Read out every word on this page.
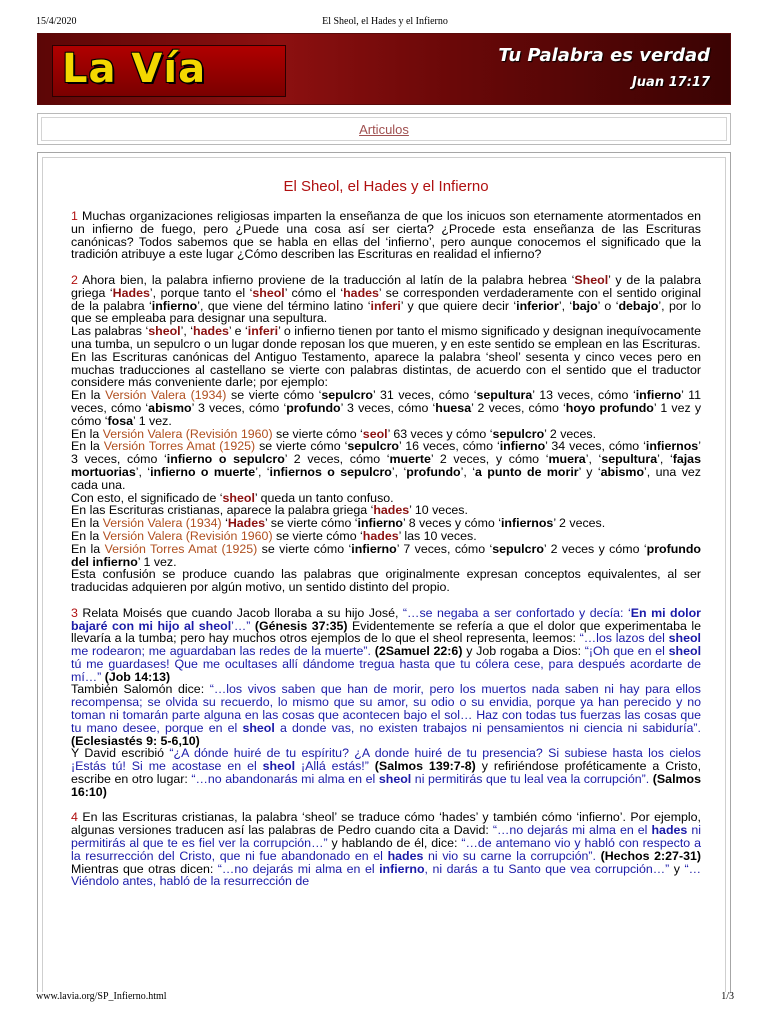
15/4/2020	El Sheol, el Hades y el Infierno
La Vía	Tu Palabra es verdad
Juan 17:17
Articulos
El Sheol, el Hades y el Infierno

1 Muchas organizaciones religiosas imparten la enseñanza de que los inicuos son eternamente atormentados en un infierno de fuego, pero ¿Puede una cosa así ser cierta? ¿Procede esta enseñanza de las Escrituras canónicas? Todos sabemos que se habla en ellas del ‘infierno’, pero aunque conocemos el significado que la tradición atribuye a este lugar ¿Cómo describen las Escrituras en realidad el infierno?

2 Ahora bien, la palabra infierno proviene de la traducción al latín de la palabra hebrea ‘Sheol’ y de la palabra griega ‘Hades’, porque tanto el ‘sheol’ cómo el ‘hades’ se corresponden verdaderamente con el sentido original de la palabra ‘infierno’, que viene del término latino ‘inferi’ y que quiere decir ‘inferior’, ‘bajo’ o ‘debajo’, por lo que se empleaba para designar una sepultura.
Las palabras ‘sheol’, ‘hades’ e ‘inferi’ o infierno tienen por tanto el mismo significado y designan inequívocamente una tumba, un sepulcro o un lugar donde reposan los que mueren, y en este sentido se emplean en las Escrituras.
En las Escrituras canónicas del Antiguo Testamento, aparece la palabra ‘sheol’ sesenta y cinco veces pero en muchas traducciones al castellano se vierte con palabras distintas, de acuerdo con el sentido que el traductor considere más conveniente darle; por ejemplo:
En la Versión Valera (1934) se vierte cómo ‘sepulcro’ 31 veces, cómo ‘sepultura’ 13 veces, cómo ‘infierno’ 11 veces, cómo ‘abismo’ 3 veces, cómo ‘profundo’ 3 veces, cómo ‘huesa’ 2 veces, cómo ‘hoyo profundo’ 1 vez y cómo ‘fosa’ 1 vez.
En la Versión Valera (Revisión 1960) se vierte cómo ‘seol’ 63 veces y cómo ‘sepulcro’ 2 veces.
En la Versión Torres Amat (1925) se vierte cómo ‘sepulcro’ 16 veces, cómo ‘infierno’ 34 veces, cómo ‘infiernos’ 3 veces, cómo ‘infierno o sepulcro’ 2 veces, cómo ‘muerte’ 2 veces, y cómo ‘muera’, ‘sepultura’, ‘fajas mortuorias’, ‘infierno o muerte’, ‘infiernos o sepulcro’, ‘profundo’, ‘a punto de morir’ y ‘abismo’, una vez cada una.
Con esto, el significado de ‘sheol’ queda un tanto confuso.
En las Escrituras cristianas, aparece la palabra griega ‘hades’ 10 veces.
En la Versión Valera (1934) ‘Hades’ se vierte cómo ‘infierno’ 8 veces y cómo ‘infiernos’ 2 veces.
En la Versión Valera (Revisión 1960) se vierte cómo ‘hades’ las 10 veces.
En la Versión Torres Amat (1925) se vierte cómo ‘infierno’ 7 veces, cómo ‘sepulcro’ 2 veces y cómo ‘profundo del infierno’ 1 vez.
Esta confusión se produce cuando las palabras que originalmente expresan conceptos equivalentes, al ser traducidas adquieren por algún motivo, un sentido distinto del propio.

3 Relata Moisés que cuando Jacob lloraba a su hijo José, “…se negaba a ser confortado y decía: ‘En mi dolor bajaré con mi hijo al sheol’…” (Génesis 37:35) Evidentemente se refería a que el dolor que experimentaba le llevaría a la tumba; pero hay muchos otros ejemplos de lo que el sheol representa, leemos: “…los lazos del sheol me rodearon; me aguardaban las redes de la muerte”. (2Samuel 22:6) y Job rogaba a Dios: “¡Oh que en el sheol tú me guardases! Que me ocultases allí dándome tregua hasta que tu cólera cese, para después acordarte de mí…” (Job 14:13)
También Salomón dice: “…los vivos saben que han de morir, pero los muertos nada saben ni hay para ellos recompensa; se olvida su recuerdo, lo mismo que su amor, su odio o su envidia, porque ya han perecido y no toman ni tomarán parte alguna en las cosas que acontecen bajo el sol… Haz con todas tus fuerzas las cosas que tu mano desee, porque en el sheol a donde vas, no existen trabajos ni pensamientos ni ciencia ni sabiduría”. (Eclesiastés 9: 5-6,10)
Y David escribió “¿A dónde huiré de tu espíritu? ¿A donde huiré de tu presencia? Si subiese hasta los cielos ¡Estás tú! Si me acostase en el sheol ¡Allá estás!” (Salmos 139:7-8) y refiriéndose proféticamente a Cristo, escribe en otro lugar: “…no abandonarás mi alma en el sheol ni permitirás que tu leal vea la corrupción”. (Salmos 16:10)

4 En las Escrituras cristianas, la palabra ‘sheol’ se traduce cómo ‘hades’ y también cómo ‘infierno’. Por ejemplo, algunas versiones traducen así las palabras de Pedro cuando cita a David: “…no dejarás mi alma en el hades ni permitirás al que te es fiel ver la corrupción…” y hablando de él, dice: “…de antemano vio y habló con respecto a la resurrección del Cristo, que ni fue abandonado en el hades ni vio su carne la corrupción”. (Hechos 2:27-31) Mientras que otras dicen: “…no dejarás mi alma en el infierno, ni darás a tu Santo que vea corrupción…” y “…Viéndolo antes, habló de la resurrección de

www.lavia.org/SP_Infierno.html	1/3
